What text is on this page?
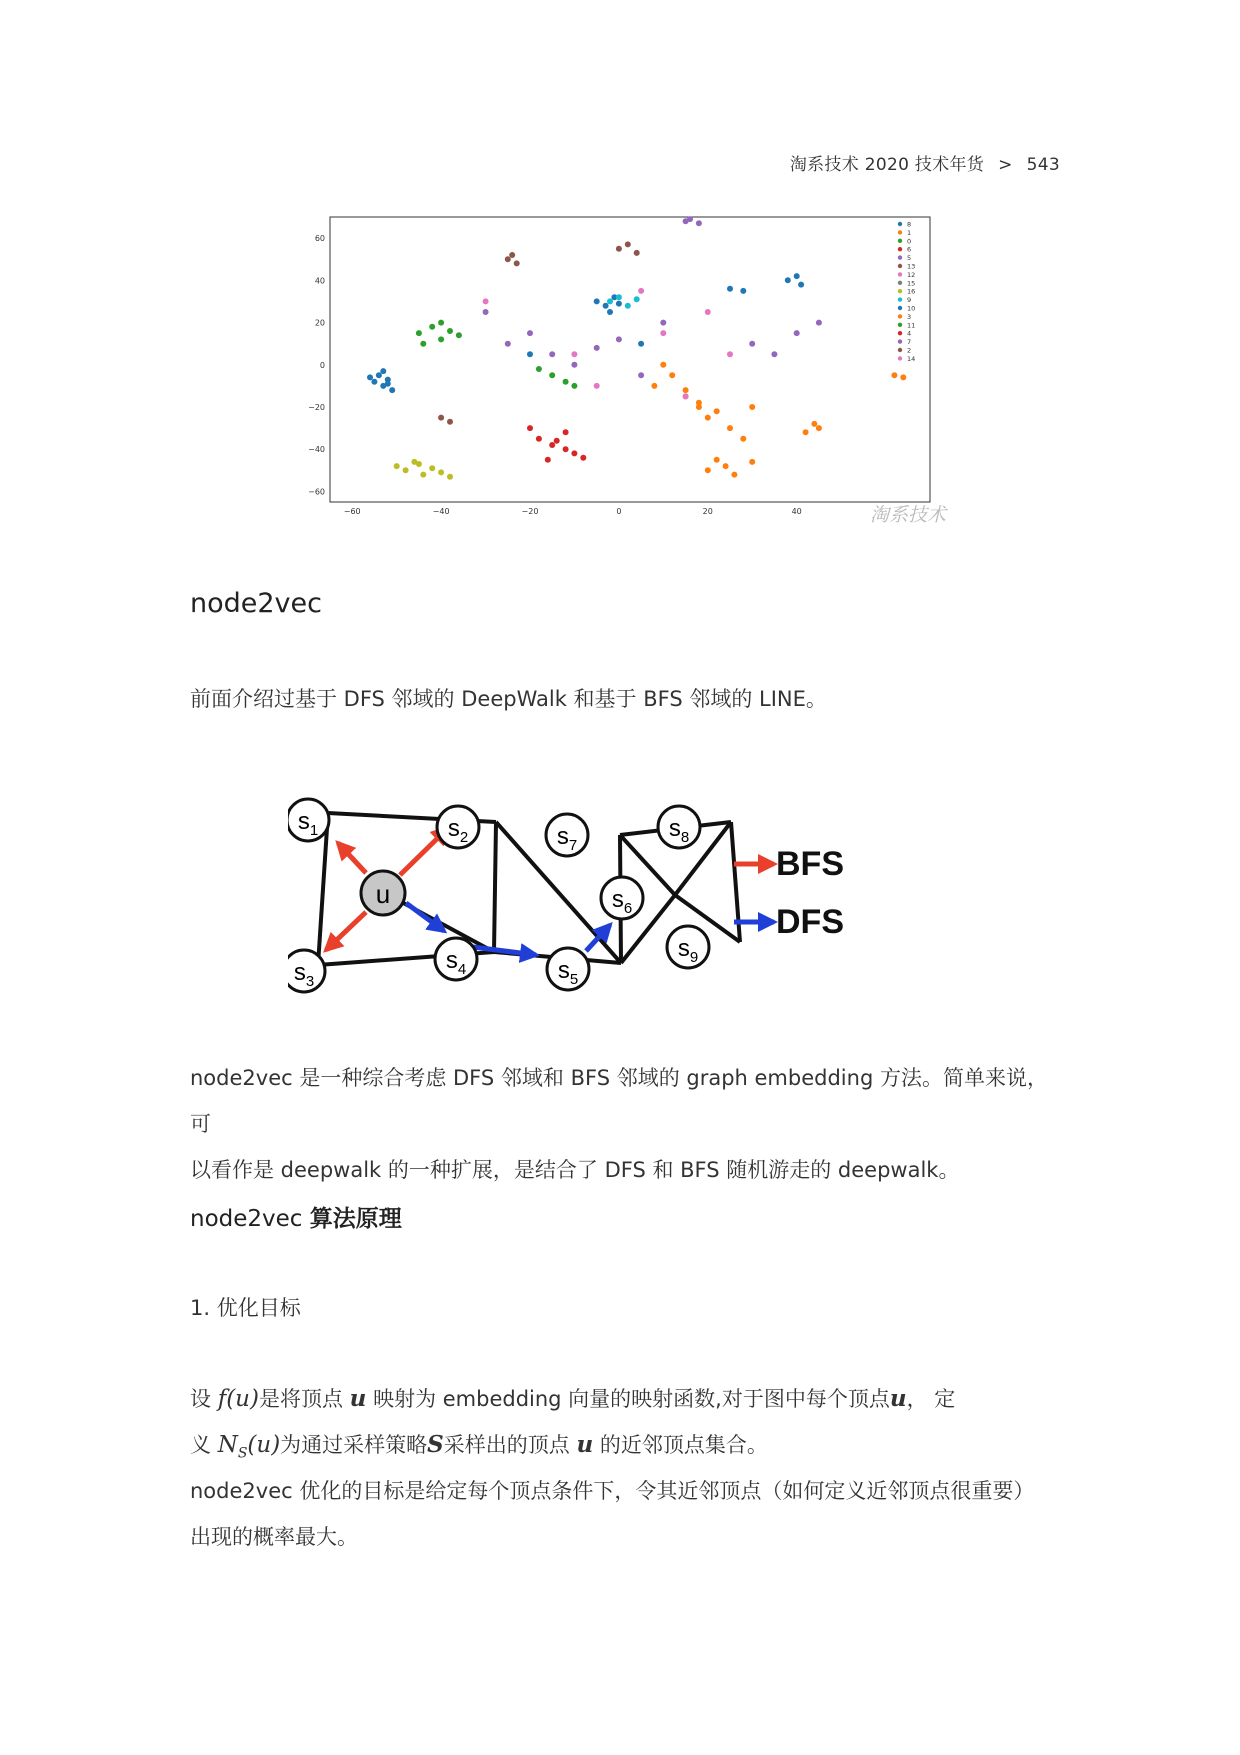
淘系技术 2020 技术年货 > 543
8
1
0
6
5
13
12
15
16
9
10
3
11
4
7
2
14
60
40
20
0
−20
−40
−60
−60	−40	−20	0	20	40	淘系技术
node2vec
前面介绍过基于 DFS 邻域的 DeepWalk 和基于 BFS 邻域的 LINE。
$s_1$	$s_2$
$s_3$
$s_4$	$s_5$
$s_6$
$s_7$
$s_8$
$s_9$
u
BFS
DFS
node2vec 是一种综合考虑 DFS 邻域和 BFS 邻域的 graph embedding 方法。简单来说，可
以看作是 deepwalk 的一种扩展，是结合了 DFS 和 BFS 随机游走的 deepwalk。
node2vec 算法原理
1. 优化目标
设 f(u)是将顶点 u 映射为 embedding 向量的映射函数,对于图中每个顶点u， 定
义 $N_S(u)$为通过采样策略S采样出的顶点 u 的近邻顶点集合。
node2vec 优化的目标是给定每个顶点条件下，令其近邻顶点（如何定义近邻顶点很重要）
出现的概率最大。
